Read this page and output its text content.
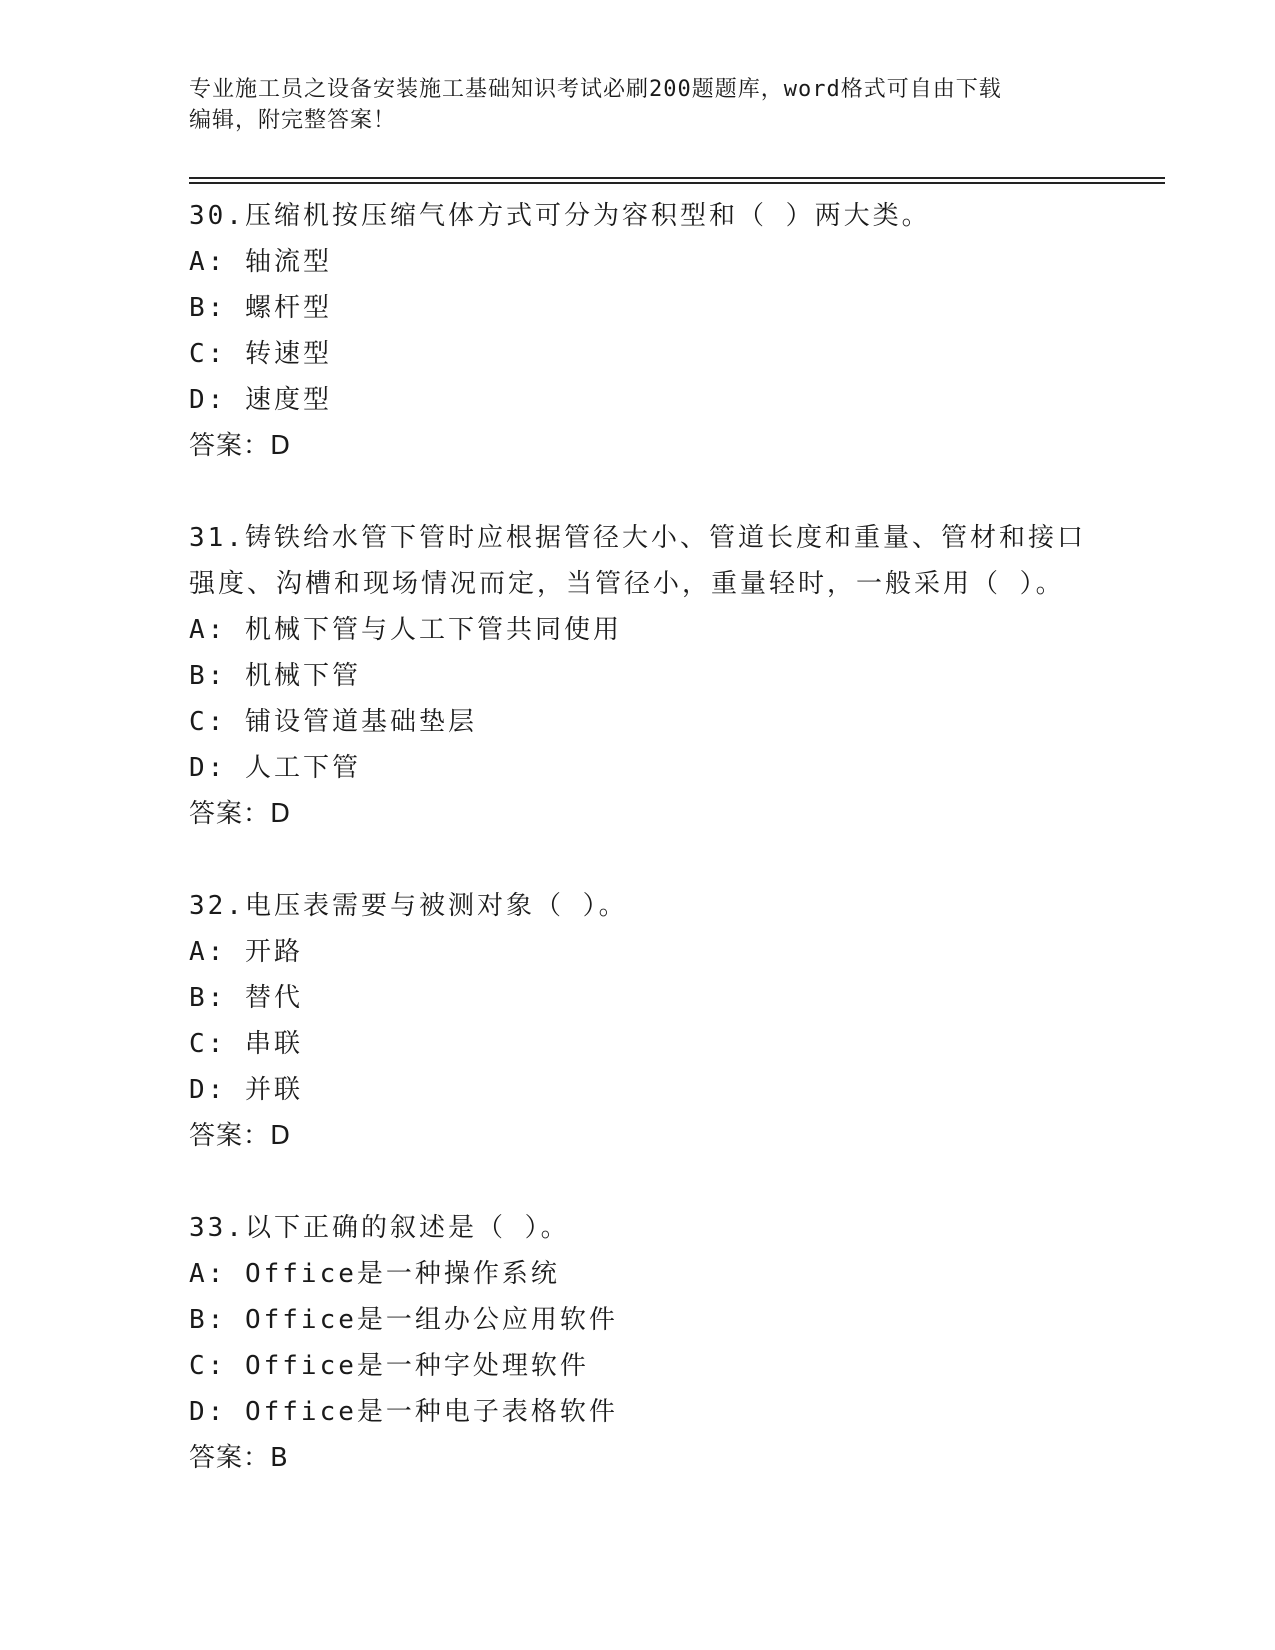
专业施工员之设备安装施工基础知识考试必刷200题题库，word格式可自由下载
编辑，附完整答案！
30.压缩机按压缩气体方式可分为容积型和（ ）两大类。
A: 轴流型
B: 螺杆型
C: 转速型
D: 速度型
答案：D
31.铸铁给水管下管时应根据管径大小、管道长度和重量、管材和接口
强度、沟槽和现场情况而定，当管径小，重量轻时，一般采用（ ）。
A: 机械下管与人工下管共同使用
B: 机械下管
C: 铺设管道基础垫层
D: 人工下管
答案：D
32.电压表需要与被测对象（ ）。
A: 开路
B: 替代
C: 串联
D: 并联
答案：D
33.以下正确的叙述是（ ）。
A: Office是一种操作系统
B: Office是一组办公应用软件
C: Office是一种字处理软件
D: Office是一种电子表格软件
答案：B
